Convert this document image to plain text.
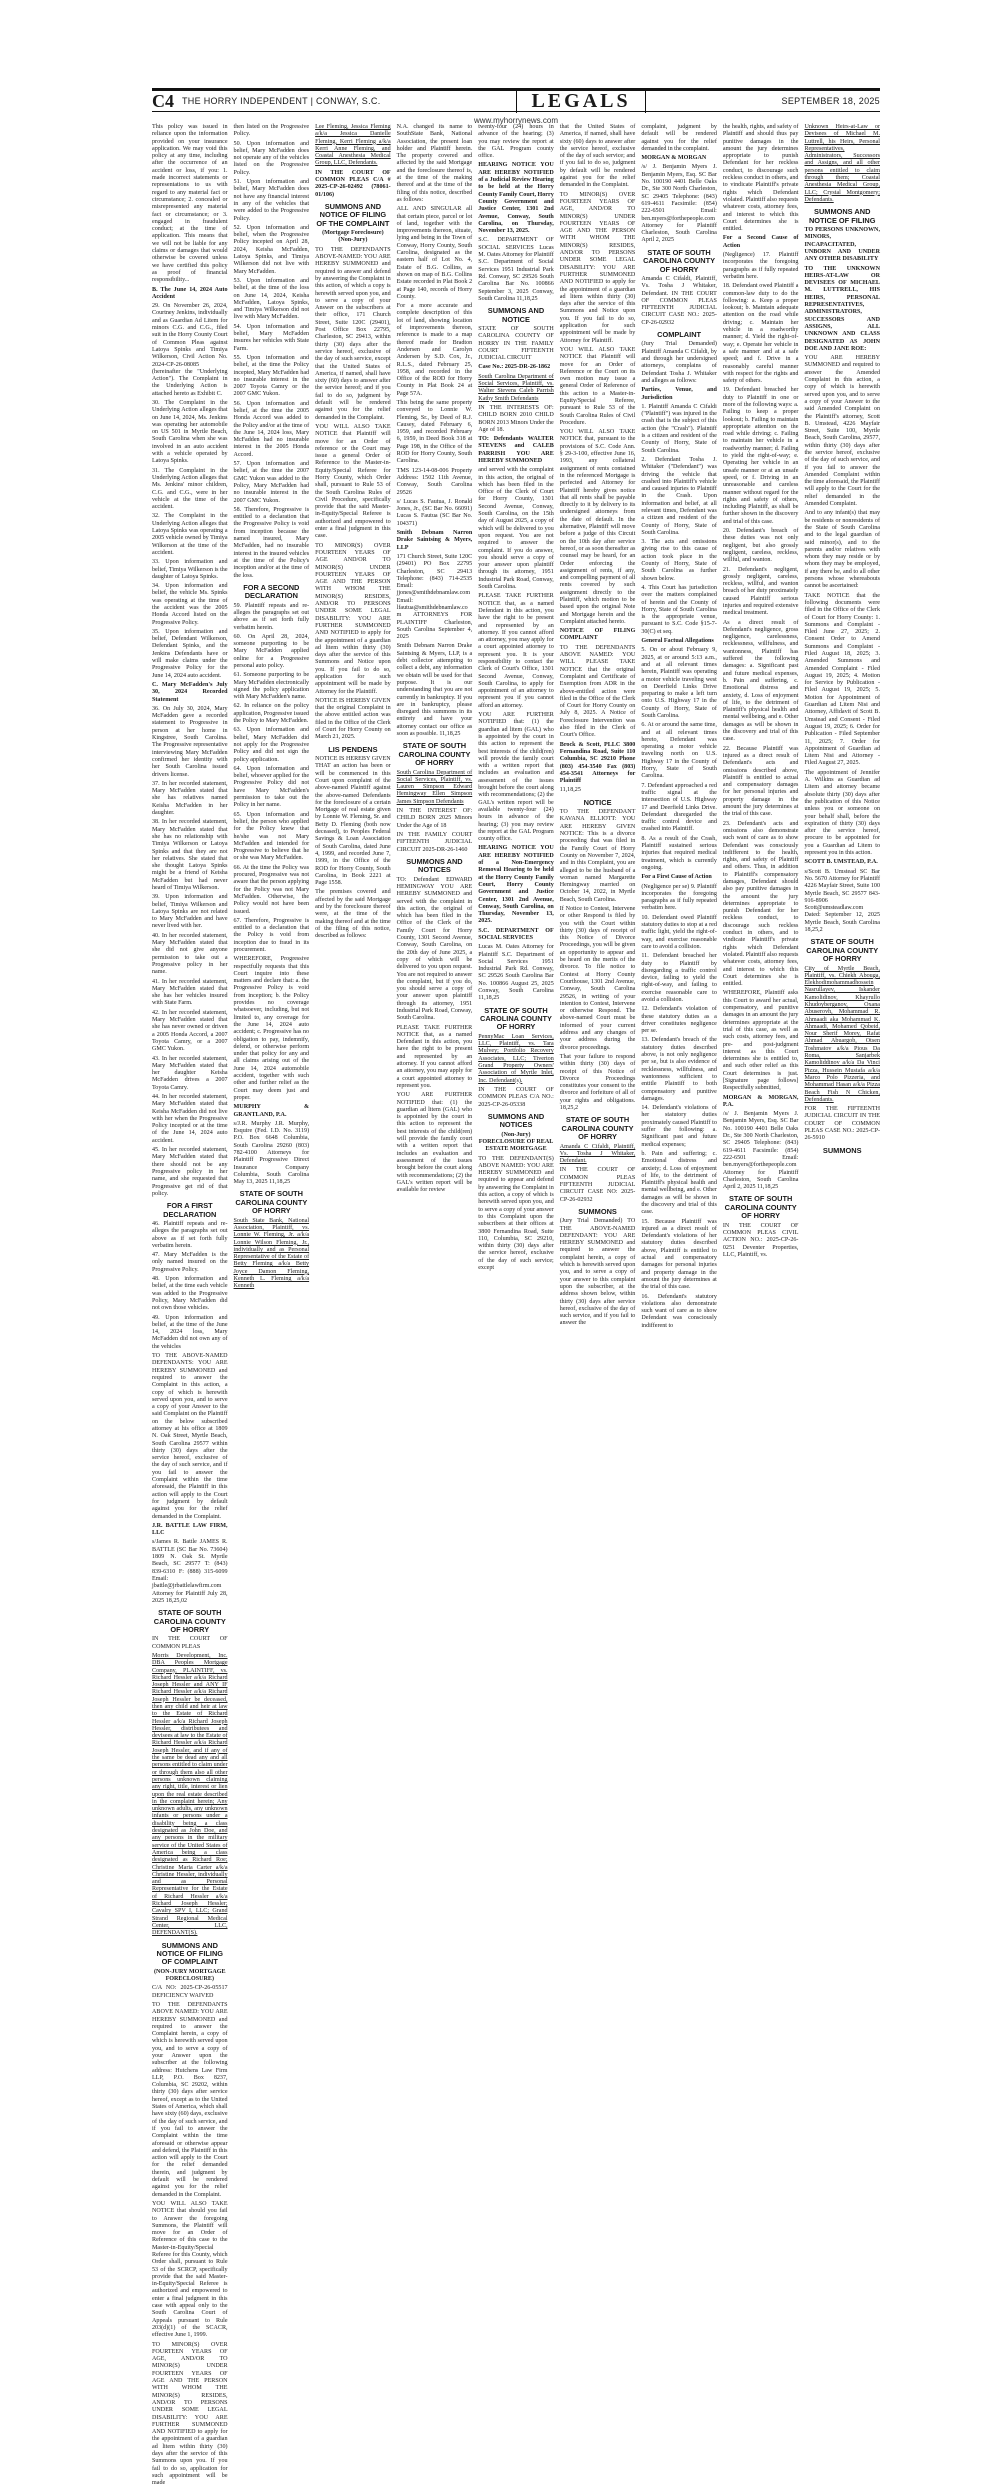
C4 THE HORRY INDEPENDENT | CONWAY, S.C.	LEGALS	SEPTEMBER 18, 2025
www.myhorrynews.com

This policy was issued in reliance upon the information provided on your insurance application. We may void this policy at any time, including after the occurrence of an accident or loss, if you: 1. made incorrect statements or representations to us with regard to any material fact or circumstance; 2. concealed or misrepresented any material fact or circumstance; or 3. engaged in fraudulent conduct; at the time of application. This means that we will not be liable for any claims or damages that would otherwise be covered unless we have certified this policy as proof of financial responsibility...

B. The June 14, 2024 Auto Accident

29. On November 26, 2024, Courtney Jenkins, individually and as Guardian Ad Litem for minors C.G. and C.G., filed suit in the Horry County Court of Common Pleas against Latoya Spinks and Timiya Wilkerson, Civil Action No. 2024-CP-26-08085 (hereinafter the "Underlying Action"). The Complaint in the Underlying Action is attached hereto as Exhibit C.

30. The Complaint in the Underlying Action alleges that on June 14, 2024, Ms. Jenkins was operating her automobile on US 501 in Myrtle Beach, South Carolina when she was involved in an auto accident with a vehicle operated by Latoya Spinks.

31. The Complaint in the Underlying Action alleges that Ms. Jenkins' minor children, C.G. and C.G., were in her vehicle at the time of the accident.

32. The Complaint in the Underlying Action alleges that Latoya Spinks was operating a 2005 vehicle owned by Timiya Wilkerson at the time of the accident.

33. Upon information and belief, Timiya Wilkerson is the daughter of Latoya Spinks.

34. Upon information and belief, the vehicle Ms. Spinks was operating at the time of the accident was the 2005 Honda Accord listed on the Progressive Policy.

35. Upon information and belief, Defendant Wilkerson, Defendant Spinks, and the Jenkins Defendants have or will make claims under the Progressive Policy for the June 14, 2024 auto accident.

C. Mary McFadden's July 30, 2024 Recorded Statement

36. On July 30, 2024, Mary McFadden gave a recorded statement to Progressive in person at her home in Kingstree, South Carolina. The Progressive representative interviewing Mary McFadden confirmed her identity with her South Carolina issued drivers license.

37. In her recorded statement, Mary McFadden stated that she has relatives named Keisha McFadden in her daughter.

38. In her recorded statement, Mary McFadden stated that she has no relationship with Timiya Wilkerson or Latoya Spinks and that they are not her relatives. She stated that she thought Latoya Spinks might be a friend of Keisha McFadden but had never heard of Timiya Wilkerson.

39. Upon information and belief, Timiya Wilkerson and Latoya Spinks are not related to Mary McFadden and have never lived with her.

40. In her recorded statement, Mary McFadden stated that she did not give anyone permission to take out a Progressive policy in her name.

41. In her recorded statement, Mary McFadden stated that she has her vehicles insured with State Farm.

42. In her recorded statement, Mary McFadden stated that she has never owned or driven a 2005 Honda Accord, a 2007 Toyota Camry, or a 2007 GMC Yukon.

43. In her recorded statement, Mary McFadden stated that her daughter Keisha McFadden drives a 2007 Toyota Camry.

44. In her recorded statement, Mary McFadden stated that Keisha McFadden did not live with her when the Progressive Policy incepted or at the time of the June 14, 2024 auto accident.

45. In her recorded statement, Mary McFadden stated that there should not be any Progressive policy in her name, and she requested that Progressive get rid of that policy.

FOR A FIRST DECLARATION

46. Plaintiff repeats and re-alleges the paragraphs set out above as if set forth fully verbatim herein.

47. Mary McFadden is the only named insured on the Progressive Policy.

48. Upon information and belief, at the time each vehicle was added to the Progressive Policy, Mary McFadden did not own those vehicles.

49. Upon information and belief, at the time of the June 14, 2024 loss, Mary McFadden did not own any of the vehicles

then listed on the Progressive Policy.

50. Upon information and belief, Mary McFadden does not operate any of the vehicles listed on the Progressive Policy.

51. Upon information and belief, Mary McFadden does not have any financial interest in any of the vehicles that were added to the Progressive Policy.

52. Upon information and belief, when the Progressive Policy incepted on April 28, 2024, Keisha McFadden, Latoya Spinks, and Timiya Wilkerson did not live with Mary McFadden.

53. Upon information and belief, at the time of the loss on June 14, 2024, Keisha McFadden, Latoya Spinks, and Timiya Wilkerson did not live with Mary McFadden.

54. Upon information and belief, Mary McFadden insures her vehicles with State Farm.

55. Upon information and belief, at the time the Policy incepted, Mary McFadden had no insurable interest in the 2007 Toyota Camry or the 2007 GMC Yukon.

56. Upon information and belief, at the time the 2005 Honda Accord was added to the Policy and/or at the time of the June 14, 2024 loss, Mary McFadden had no insurable interest in the 2005 Honda Accord.

57. Upon information and belief, at the time the 2007 GMC Yukon was added to the Policy, Mary McFadden had no insurable interest in the 2007 GMC Yukon.

58. Therefore, Progressive is entitled to a declaration that the Progressive Policy is void from inception because the named insured, Mary McFadden, had no insurable interest in the insured vehicles at the time of the Policy's inception and/or at the time of the loss.

FOR A SECOND DECLARATION

59. Plaintiff repeats and re-alleges the paragraphs set out above as if set forth fully verbatim herein.

60. On April 28, 2024, someone purporting to be Mary McFadden applied online for a Progressive personal auto policy.

61. Someone purporting to be Mary McFadden electronically signed the policy application with Mary McFadden's name.

62. In reliance on the policy application, Progressive issued the Policy to Mary McFadden.

63. Upon information and belief, Mary McFadden did not apply for the Progressive Policy and did not sign the policy application.

64. Upon information and belief, whoever applied for the Progressive Policy did not have Mary McFadden's permission to take out the Policy in her name.

65. Upon information and belief, the person who applied for the Policy knew that he/she was not Mary McFadden and intended for Progressive to believe that he or she was Mary McFadden.

66. At the time the Policy was procured, Progressive was not aware that the person applying for the Policy was not Mary McFadden. Otherwise, the Policy would not have been issued.

67. Therefore, Progressive is entitled to a declaration that the Policy is void from inception due to fraud in its procurement.

WHEREFORE, Progressive respectfully requests that this Court inquire into these matters and declare that: a. the Progressive Policy is void from inception; b. the Policy provides no coverage whatsoever, including, but not limited to, any coverage for the June 14, 2024 auto accident; c. Progressive has no obligation to pay, indemnify, defend, or otherwise perform under that policy for any and all claims arising out of the June 14, 2024 automobile accident, together with such other and further relief as the Court may deem just and proper.

MURPHY & GRANTLAND, P.A.

s/J.R. Murphy J.R. Murphy, Esquire (Fed. I.D. No. 3119) P.O. Box 6648 Columbia, South Carolina 29260 (803) 782-4100 Attorneys for Plaintiff Progressive Direct Insurance Company Columbia, South Carolina May 13, 2025 11,18,25

STATE OF SOUTH CAROLINA COUNTY OF HORRY

South State Bank, National Association, Plaintiff, vs. Lonnie W. Fleming, Jr. a/k/a Lonnie Wilson Fleming, Jr., individually and as Personal Representative of the Estate of Betty Fleming a/k/a Betty Joyce Damon Fleming, Kenneth L. Fleming a/k/a Kenneth

Lee Fleming, Jessica Fleming a/k/a Jessica Danielle Fleming, Kerri Fleming a/k/a Kerri Anne Fleming, and Coastal Anesthesia Medical Group, LLC, Defendants.

IN THE COURT OF COMMON PLEAS C/A # 2025-CP-26-02492 (78061-01/106)

SUMMONS AND NOTICE OF FILING OF THE COMPLAINT
(Mortgage Foreclosure) (Non-Jury)

TO THE DEFENDANTS ABOVE-NAMED: YOU ARE HEREBY SUMMONED and required to answer and defend by answering the Complaint in this action, of which a copy is herewith served upon you, and to serve a copy of your Answer on the subscribers at their office, 171 Church Street, Suite 120C (29401), Post Office Box 22795, Charleston, SC 29413, within thirty (30) days after the service hereof, exclusive of the day of such service, except that the United States of America, if named, shall have sixty (60) days to answer after the service hereof; and if you fail to do so, judgment by default will be rendered against you for the relief demanded in the Complaint.

YOU WILL ALSO TAKE NOTICE that Plaintiff will move for an Order of reference or the Court may issue a general Order of Reference to the Master-in-Equity/Special Referee for Horry County, which Order shall, pursuant to Rule 53 of the South Carolina Rules of Civil Procedure, specifically provide that the said Master-in-Equity/Special Referee is authorized and empowered to enter a final judgment in this case.

TO MINOR(S) OVER FOURTEEN YEARS OF AGE AND/OR TO MINOR(S) UNDER FOURTEEN YEARS OF AGE AND THE PERSON WITH WHOM THE MINOR(S) RESIDES, AND/OR TO PERSONS UNDER SOME LEGAL DISABILITY: YOU ARE FURTHER SUMMONED AND NOTIFIED to apply for the appointment of a guardian ad litem within thirty (30) days after the service of this Summons and Notice upon you. If you fail to do so, application for such appointment will be made by Attorney for the Plaintiff.

NOTICE IS HEREBY GIVEN that the original Complaint in the above entitled action was filed in the Office of the Clerk of Court for Horry County on March 21, 2025.

LIS PENDENS

NOTICE IS HEREBY GIVEN THAT an action has been or will be commenced in this Court upon complaint of the above-named Plaintiff against the above-named Defendants for the foreclosure of a certain Mortgage of real estate given by Lonnie W. Fleming, Sr. and Betty D. Fleming (both now deceased), to Peoples Federal Savings & Loan Association of South Carolina, dated June 4, 1999, and recorded June 7, 1999, in the Office of the ROD for Horry County, South Carolina, in Book 2221 at Page 1558.

The premises covered and affected by the said Mortgage and by the foreclosure thereof were, at the time of the making thereof and at the time of the filing of this notice, described as follows:

N.A. changed its name to SouthState Bank, National Association, the present loan holder and Plaintiff herein. The property covered and affected by the said Mortgage and the foreclosure thereof is, at the time of the making thereof and at the time of the filing of this notice, described as follows:

ALL AND SINGULAR all that certain piece, parcel or lot of land, together with the improvements thereon, situate, lying and being in the Town of Conway, Horry County, South Carolina, designated as the eastern half of Lot No. 4, Estate of B.G. Collins, as shown on map of B.G. Collins Estate recorded in Plat Book 2 at Page 140, records of Horry County.

For a more accurate and complete description of this lot of land, showing location of improvements thereon, reference is made to a map thereof made for Bradton Andersen and Carolyn Andersen by S.D. Cox, Jr., R.L.S., dated February 25, 1958, and recorded in the Office of the ROD for Horry County in Plat Book 24 at Page 57A.

This being the same property conveyed to Lonnie W. Fleming, Sr., by Deed of R.J. Causey, dated February 6, 1959, and recorded February 6, 1959, in Deed Book 318 at Page 198, in the Office of the ROD for Horry County, South Carolina.

TMS 123-14-08-006 Property Address: 1502 11th Avenue, Conway, South Carolina 29526

s/ Lucas S. Fautua, J. Ronald Jones, Jr., (SC Bar No. 66091) Lucas S. Fautua (SC Bar No. 104371)

Smith Debnam Narron Drake Saintsing & Myers, LLP

171 Church Street, Suite 120C (29401) PO Box 22795 Charleston, SC 29413 Telephone: (843) 714-2535 Email: jjones@smithdebnamlaw.com Email: lfautua@smithdebnamlaw.com ATTORNEYS FOR PLAINTIFF Charleston, South Carolina September 4, 2025

Smith Debnam Narron Drake Saintsing & Myers, LLP, is a debt collector attempting to collect a debt, any information we obtain will be used for that purpose. It is our understanding that you are not currently in bankruptcy. If you are in bankruptcy, please disregard this summons in its entirety and have your attorney contact our office as soon as possible. 11,18,25

STATE OF SOUTH CAROLINA COUNTY OF HORRY

South Carolina Department of Social Services, Plaintiff, vs. Lauren Simpson Edward Hemingway Ellen Simpson James Simpson Defendants

IN THE INTEREST OF: CHILD BORN 2025 Minors Under the Age of 18

IN THE FAMILY COURT FIFTEENTH JUDICIAL CIRCUIT 2025-DR-26-1460

SUMMONS AND NOTICES

TO: Defendant EDWARD HEMINGWAY YOU ARE HEREBY SUMMONED and served with the complaint in this action, the original of which has been filed in the Office of the Clerk of the Family Court for Horry County, 1301 Second Avenue, Conway, South Carolina, on the 20th day of June 2025, a copy of which will be delivered to you upon request. You are not required to answer the complaint, but if you do, you should serve a copy of your answer upon plaintiff through its attorney, 1951 Industrial Park Road, Conway, South Carolina.

PLEASE TAKE FURTHER NOTICE that, as a named Defendant in this action, you have the right to be present and represented by an attorney. If you cannot afford an attorney, you may apply for a court appointed attorney to represent you.

YOU ARE FURTHER NOTIFIED that: (1) the guardian ad litem (GAL) who is appointed by the court in this action to represent the best interests of the child(ren) will provide the family court with a written report that includes an evaluation and assessment of the issues brought before the court along with recommendations; (2) the GAL's written report will be available for review

twenty-four (24) hours in advance of the hearing; (3) you may review the report at the GAL Program county office.

HEARING NOTICE YOU ARE HEREBY NOTIFIED of a Judicial Review Hearing to be held at the Horry County Family Court, Horry County Government and Justice Center, 1301 2nd Avenue, Conway, South Carolina, on Thursday, November 13, 2025.

S.C. DEPARTMENT OF SOCIAL SERVICES Lucas M. Oates Attorney for Plaintiff S.C. Department of Social Services 1951 Industrial Park Rd. Conway, SC 29526 South Carolina Bar No. 100866 September 3, 2025 Conway, South Carolina 11,18,25

SUMMONS AND NOTICE

STATE OF SOUTH CAROLINA COUNTY OF HORRY IN THE FAMILY COURT FIFTEENTH JUDICIAL CIRCUIT

Case No.: 2025-DR-26-1862

South Carolina Department of Social Services, Plaintiff, vs. Walter Stevens Caleb Parrish Kathy Smith Defendants

IN THE INTERESTS OF: CHILD BORN 2010 CHILD BORN 2013 Minors Under the Age of 18.

TO: Defendants WALTER STEVENS and CALEB PARRISH YOU ARE HEREBY SUMMONED

and served with the complaint in this action, the original of which has been filed in the Office of the Clerk of Court for Horry County, 1301 Second Avenue, Conway, South Carolina, on the 15th day of August 2025, a copy of which will be delivered to you upon request. You are not required to answer the complaint. If you do answer, you should serve a copy of your answer upon plaintiff through its attorney, 1951 Industrial Park Road, Conway, South Carolina.

PLEASE TAKE FURTHER NOTICE that, as a named Defendant in this action, you have the right to be present and represented by an attorney. If you cannot afford an attorney, you may apply for a court appointed attorney to represent you. It is your responsibility to contact the Clerk of Court's Office, 1301 Second Avenue, Conway, South Carolina, to apply for appointment of an attorney to represent you if you cannot afford an attorney.

YOU ARE FURTHER NOTIFIED that: (1) the guardian ad litem (GAL) who is appointed by the court in this action to represent the best interests of the child(ren) will provide the family court with a written report that includes an evaluation and assessment of the issues brought before the court along with recommendations; (2) the GAL's written report will be available twenty-four (24) hours in advance of the hearing; (3) you may review the report at the GAL Program county office.

HEARING NOTICE YOU ARE HEREBY NOTIFIED of a Non-Emergency Removal Hearing to be held at the Horry County Family Court, Horry County Government and Justice Center, 1301 2nd Avenue, Conway, South Carolina, on Thursday, November 13, 2025.

S.C. DEPARTMENT OF SOCIAL SERVICES

Lucas M. Oates Attorney for Plaintiff S.C. Department of Social Services 1951 Industrial Park Rd. Conway, SC 29526 South Carolina Bar No. 100866 August 25, 2025 Conway, South Carolina 11,18,25

STATE OF SOUTH CAROLINA COUNTY OF HORRY

PennyMac Loan Services, LLC, Plaintiff, vs. Tara Mulvey; Portfolio Recovery Associates, LLC; Tiverton Grand Property Owners' Association of Myrtle Inlet, Inc. Defendant(s).

IN THE COURT OF COMMON PLEAS C/A NO.: 2025-CP-26-05338

SUMMONS AND NOTICES
(Non-Jury) FORECLOSURE OF REAL ESTATE MORTGAGE

TO THE DEFENDANT(S) ABOVE NAMED: YOU ARE HEREBY SUMMONED and required to appear and defend by answering the Complaint in this action, a copy of which is herewith served upon you, and to serve a copy of your answer to this Complaint upon the subscribers at their offices at 3800 Fernandina Road, Suite 110, Columbia, SC 29210, within thirty (30) days after the service hereof, exclusive of the day of such service; except

that the United States of America, if named, shall have sixty (60) days to answer after the service hereof, exclusive of the day of such service; and if you fail to do so, judgment by default will be rendered against you for the relief demanded in the Complaint.

TO MINOR(S) OVER FOURTEEN YEARS OF AGE, AND/OR TO MINOR(S) UNDER FOURTEEN YEARS OF AGE AND THE PERSON WITH WHOM THE MINOR(S) RESIDES, AND/OR TO PERSONS UNDER SOME LEGAL DISABILITY: YOU ARE FURTHER SUMMONED AND NOTIFIED to apply for the appointment of a guardian ad litem within thirty (30) days after the service of this Summons and Notice upon you. If you fail to do so, application for such appointment will be made by Attorney for Plaintiff.

YOU WILL ALSO TAKE NOTICE that Plaintiff will move for an Order of Reference or the Court on its own motion may issue a general Order of Reference of this action to a Master-in-Equity/Special Referee, pursuant to Rule 53 of the South Carolina Rules of Civil Procedure.

YOU WILL ALSO TAKE NOTICE that, pursuant to the provisions of S.C. Code Ann. § 29-3-100, effective June 16, 1993, any collateral assignment of rents contained in the referenced Mortgage is perfected and Attorney for Plaintiff hereby gives notice that all rents shall be payable directly to it by delivery to its undersigned attorneys from the date of default. In the alternative, Plaintiff will move before a judge of this Circuit on the 10th day after service hereof, or as soon thereafter as counsel may be heard, for an Order enforcing the assignment of rents, if any, and compelling payment of all rents covered by such assignment directly to the Plaintiff, which motion to be based upon the original Note and Mortgage herein and the Complaint attached hereto.

NOTICE OF FILING COMPLAINT

TO THE DEFENDANTS ABOVE NAMED: YOU WILL PLEASE TAKE NOTICE that the original Complaint and Certificate of Exemption from ADR in the above-entitled action were filed in the Office of the Clerk of Court for Horry County on July 8, 2025. A Notice of Foreclosure Intervention was also filed in the Clerk of Court's Office.

Brock & Scott, PLLC 3800 Fernandina Road, Suite 110 Columbia, SC 29210 Phone (803) 454-3540 Fax (803) 454-3541 Attorneys for Plaintiff

11,18,25

NOTICE

TO THE DEFENDANT KAVANA ELLIOTT: YOU ARE HEREBY GIVEN NOTICE: This is a divorce proceeding that was filed in the Family Court of Horry County on November 7, 2024, and in this Complaint, you are alleged to be the husband of a woman named Margarette Hemingway married on October 14, 2022, in Myrtle Beach, South Carolina.

If Notice to Contest, Intervene or other Respond is filed by you with the Court within thirty (30) days of receipt of this Notice of Divorce Proceedings, you will be given an opportunity to appear and be heard on the merits of the divorce. To file notice to Contest at Horry County Courthouse, 1301 2nd Avenue, Conway, South Carolina 29526, in writing of your intention to Contest, Intervene or otherwise Respond. The above-named Court must be informed of your current address and any changes of your address during the divorce proceedings.

That your failure to respond within thirty (30) days of receipt of this Notice of Divorce Proceedings constitutes your consent to the divorce and forfeiture of all of your rights and obligations. 18,25,2

STATE OF SOUTH CAROLINA COUNTY OF HORRY

Amanda C Cifaldi, Plaintiff, Vs. Tosha J Whitaker, Defendant.

IN THE COURT OF COMMON PLEAS FIFTEENTH JUDICIAL CIRCUIT CASE NO: 2025-CP-26-02932

SUMMONS

(Jury Trial Demanded) TO THE ABOVE-NAMED DEFENDANT: YOU ARE HEREBY SUMMONED and required to answer the complaint herein, a copy of which is herewith served upon you, and to serve a copy of your answer to this complaint upon the subscriber, at the address shown below, within thirty (30) days after service hereof, exclusive of the day of such service, and if you fail to answer the

complaint, judgment by default will be rendered against you for the relief demanded in the complaint.

MORGAN & MORGAN

/s/ J. Benjamin Myers J. Benjamin Myers, Esq. SC Bar No. 100190 4401 Belle Oaks Dr., Ste 300 North Charleston, SC 29405 Telephone: (843) 619-4611 Facsimile: (854) 222-6501 Email: ben.myers@forthepeople.com Attorney for Plaintiff Charleston, South Carolina April 2, 2025

STATE OF SOUTH CAROLINA COUNTY OF HORRY

Amanda C Cifaldi, Plaintiff, Vs. Tosha J Whitaker, Defendant. IN THE COURT OF COMMON PLEAS FIFTEENTH JUDICIAL CIRCUIT CASE NO.: 2025-CP-26-02932

COMPLAINT

(Jury Trial Demanded) Plaintiff Amanda C Cifaldi, by and through her undersigned attorneys, complains of Defendant Tosha J. Whitaker and alleges as follows:

Parties, Venue, and Jurisdiction

1. Plaintiff Amanda C Cifaldi ("Plaintiff") was injured in the crash that is the subject of this action (the "Crash"). Plaintiff is a citizen and resident of the County of Horry, State of South Carolina.

2. Defendant Tosha J. Whitaker ("Defendant") was driving the vehicle that crashed into Plaintiff's vehicle and caused injuries to Plaintiff in the Crash. Upon information and belief, at all relevant times, Defendant was a citizen and resident of the County of Horry, State of South Carolina.

3. The acts and omissions giving rise to this cause of action took place in the County of Horry, State of South Carolina as further shown below.

4. This Court has jurisdiction over the matters complained of herein and the County of Horry, State of South Carolina is the appropriate venue, pursuant to S.C. Code §15-7-30(C) et seq.

General Factual Allegations

5. On or about February 9, 2025, at or around 5:13 a.m., and at all relevant times herein, Plaintiff was operating a motor vehicle traveling west on Deerfield Links Drive preparing to make a left turn onto U.S. Highway 17 in the County of Horry, State of South Carolina.

6. At or around the same time, and at all relevant times hereto, Defendant was operating a motor vehicle traveling north on U.S. Highway 17 in the County of Horry, State of South Carolina.

7. Defendant approached a red traffic signal at the intersection of U.S. Highway 17 and Deerfield Links Drive. Defendant disregarded the traffic control device and crashed into Plaintiff.

8. As a result of the Crash, Plaintiff sustained serious injuries that required medical treatment, which is currently ongoing.

For a First Cause of Action

(Negligence per se) 9. Plaintiff incorporates the foregoing paragraphs as if fully repeated verbatim here.

10. Defendant owed Plaintiff statutory duties to stop at a red traffic light, yield the right-of-way, and exercise reasonable care to avoid a collision.

11. Defendant breached her duty to Plaintiff by disregarding a traffic control device, failing to yield the right-of-way, and failing to exercise reasonable care to avoid a collision.

12. Defendant's violation of these statutory duties as a driver constitutes negligence per se.

13. Defendant's breach of the statutory duties described above, is not only negligence per se, but is also evidence of recklessness, willfulness, and wantonness sufficient to entitle Plaintiff to both compensatory and punitive damages.

14. Defendant's violations of her statutory duties proximately caused Plaintiff to suffer the following: a. Significant past and future medical expenses;

b. Pain and suffering; c. Emotional distress and anxiety; d. Loss of enjoyment of life, to the detriment of Plaintiff's physical health and mental wellbeing, and e. Other damages as will be shown in the discovery and trial of this case.

15. Because Plaintiff was injured as a direct result of Defendant's violations of her statutory duties described above, Plaintiff is entitled to actual and compensatory damages for personal injuries and property damage in the amount the jury determines at the trial of this case.

16. Defendant's statutory violations also demonstrate such want of care as to show Defendant was consciously indifferent to

the health, rights, and safety of Plaintiff and should thus pay punitive damages in the amount the jury determines appropriate to punish Defendant for her reckless conduct, to discourage such reckless conduct in others, and to vindicate Plaintiff's private rights which Defendant violated. Plaintiff also requests whatever costs, attorney fees, and interest to which this Court determines she is entitled.

For a Second Cause of Action

(Negligence) 17. Plaintiff incorporates the foregoing paragraphs as if fully repeated verbatim here.

18. Defendant owed Plaintiff a common-law duty to do the following: a. Keep a proper lookout; b. Maintain adequate attention on the road while driving; c. Maintain her vehicle in a roadworthy manner; d. Yield the right-of-way; e. Operate her vehicle in a safe manner and at a safe speed; and f. Drive in a reasonably careful manner with respect for the rights and safety of others.

19. Defendant breached her duty to Plaintiff in one or more of the following ways: a. Failing to keep a proper lookout; b. Failing to maintain appropriate attention on the road while driving; c. Failing to maintain her vehicle in a roadworthy manner; d. Failing to yield the right-of-way; e. Operating her vehicle in an unsafe manner or at an unsafe speed, or f. Driving in an unreasonable and careless manner without regard for the rights and safety of others, including Plaintiff, as shall be further shown in the discovery and trial of this case.

20. Defendant's breach of these duties was not only negligent, but also grossly negligent, careless, reckless, willful, and wanton.

21. Defendant's negligent, grossly negligent, careless, reckless, willful, and wanton breach of her duty proximately caused Plaintiff serious injuries and required extensive medical treatment.

As a direct result of Defendant's negligence, gross negligence, carelessness, recklessness, willfulness, and wantonness, Plaintiff has suffered the following damages: a. Significant past and future medical expenses, b. Pain and suffering, c. Emotional distress and anxiety, d. Loss of enjoyment of life, to the detriment of Plaintiff's physical health and mental wellbeing, and e. Other damages as will be shown in the discovery and trial of this case.

22. Because Plaintiff was injured as a direct result of Defendant's acts and omissions described above, Plaintiff is entitled to actual and compensatory damages for her personal injuries and property damage in the amount the jury determines at the trial of this case.

23. Defendant's acts and omissions also demonstrate such want of care as to show Defendant was consciously indifferent to the health, rights, and safety of Plaintiff and others. Thus, in addition to Plaintiff's compensatory damages, Defendant should also pay punitive damages in the amount the jury determines appropriate to punish Defendant for her reckless conduct, to discourage such reckless conduct in others, and to vindicate Plaintiff's private rights which Defendant violated. Plaintiff also requests whatever costs, attorney fees, and interest to which this Court determines she is entitled.

WHEREFORE, Plaintiff asks this Court to award her actual, compensatory, and punitive damages in an amount the jury determines appropriate at the trial of this case, as well as such costs, attorney fees, and pre- and post-judgment interest as this Court determines she is entitled to, and such other relief as this Court determines is just. [Signature page follows] Respectfully submitted,

MORGAN & MORGAN, P.A.

/s/ J. Benjamin Myers J. Benjamin Myers, Esq. SC Bar No. 100190 4401 Belle Oaks Dr., Ste 300 North Charleston, SC 29405 Telephone: (843) 619-4611 Facsimile: (854) 222-6501 Email: ben.myers@forthepeople.com Attorney for Plaintiff Charleston, South Carolina April 2, 2025 11,18,25

STATE OF SOUTH CAROLINA COUNTY OF HORRY

IN THE COURT OF COMMON PLEAS CIVIL ACTION NO.: 2025-CP-26-0251 Deventer Properties, LLC, Plaintiff, vs.

Unknown Heirs-at-Law or Devisees of Michael M. Luttrell, his Heirs, Personal Representatives, Administrators, Successors and Assigns, and all other persons entitled to claim through them; Coastal Anesthesia Medical Group, LLC; Crystal Montgomery; Defendants.

SUMMONS AND NOTICE OF FILING

TO PERSONS UNKNOWN, MINORS, INCAPACITATED, UNBORN AND UNDER ANY OTHER DISABILITY

TO THE UNKNOWN HEIRS-AT-LAW OR DEVISEES OF MICHAEL M. LUTTRELL, HIS HEIRS, PERSONAL REPRESENTATIVES, ADMINISTRATORS, SUCCESSORS AND ASSIGNS, ALL UNKNOWN AND CLASS DESIGNATED AS JOHN DOE AND JANE ROE:

YOU ARE HEREBY SUMMONED and required to answer the Amended Complaint in this action, a copy of which is herewith served upon you, and to serve a copy of your Answer to the said Amended Complaint on the Plaintiff's attorney, Scott B. Umstead, 4226 Mayfair Street, Suite 100, Myrtle Beach, South Carolina, 29577, within thirty (30) days after the service hereof, exclusive of the day of such service, and if you fail to answer the Amended Complaint within the time aforesaid, the Plaintiff will apply to the Court for the relief demanded in the Amended Complaint.

And to any infant(s) that may be residents or nonresidents of the State of South Carolina and to the legal guardian of said minor(s), and to the parents and/or relatives with whom they may reside or by whom they may be employed, if any there be, and to all other persons whose whereabouts cannot be ascertained:

TAKE NOTICE that the following documents were filed in the Office of the Clerk of Court for Horry County: 1. Summons and Complaint - Filed June 27, 2025; 2. Consent Order to Amend Summons and Complaint - Filed August 18, 2025; 3. Amended Summons and Amended Complaint - Filed August 19, 2025; 4. Motion for Service by Publication - Filed August 19, 2025; 5. Motion for Appointment of Guardian ad Litem Nisi and Attorney, Affidavit of Scott B. Umstead and Consent - Filed August 19, 2025; 6. Order for Publication - Filed September 11, 2025; 7. Order for Appointment of Guardian ad Litem Nisi and Attorney - Filed August 27, 2025.

The appointment of Jennifer A. Wilkins as Guardian ad Litem and attorney became absolute thirty (30) days after the publication of this Notice unless you or someone on your behalf shall, before the expiration of thirty (30) days after the service hereof, procure to be appointed for you a Guardian ad Litem to represent you in this action.

SCOTT B. UMSTEAD, P.A.

s/Scott B. Umstead SC Bar No. 5670 Attorney for Plaintiff 4226 Mayfair Street, Suite 100 Myrtle Beach, SC 29577 843-916-8906 Scott@umsteadlaw.com Dated: September 12, 2025 Myrtle Beach, South Carolina 18,25,2

STATE OF SOUTH CAROLINA COUNTY OF HORRY

City of Myrtle Beach, Plaintiff, vs. Chiekh Abouga, Elekhodimohammadhossein Nasrullayev, Iskander Kamolidinov, Khayrullo Khudoyberganov, Oxana Abuserovh, Mohammad R. Ahmaadi aka Mohammad K. Ahmaadi, Mohamed Qobeid, Nour Sherif Morey, Rafat Ahmad Abuargob, Otsen Toshmatov a/k/a Pious Da Roma, Sanjarbek Kamoliddinov a/k/a Da Vinci Pizza, Hussein Mustafa a/k/a Marco Polo Pizzeria, and Mohammad Hasan a/k/a Pizza Beach Fish N Chicken, Defendants.

FOR THE FIFTEENTH JUDICIAL CIRCUIT IN THE COURT OF COMMON PLEAS CASE NO.: 2025-CP-26-5910

SUMMONS

TO THE ABOVE-NAMED DEFENDANTS: YOU ARE HEREBY SUMMONED and required to answer the Complaint in this action, a copy of which is herewith served upon you, and to serve a copy of your Answer to the said Complaint on the Plaintiff on the below subscribed attorney at his office at 1809 N. Oak Street, Myrtle Beach, South Carolina 29577 within thirty (30) days after the service hereof, exclusive of the day of such service, and if you fail to answer the Complaint within the time aforesaid, the Plaintiff in this action will apply to the Court for judgment by default against you for the relief demanded in the Complaint.

J.R. BATTLE LAW FIRM, LLC

s/James R. Battle JAMES R. BATTLE (SC Bar No. 73604) 1809 N. Oak St. Myrtle Beach, SC 29577 T: (843) 839-6310 F: (888) 315-6099 Email: jbattle@jrbattlelawfirm.com Attorney for Plaintiff July 28, 2025 18,25,02

STATE OF SOUTH CAROLINA COUNTY OF HORRY

IN THE COURT OF COMMON PLEAS

Morris Development, Inc. DBA Peoples Mortgage Company, PLAINTIFF, vs. Richard Hessler a/k/a Richard Joseph Hessler and ANY IF Richard Hessler a/k/a Richard Joseph Hessler be deceased, then any child and heir at law to the Estate of Richard Hessler a/k/a Richard Joseph Hessler, distributees and devisees at law to the Estate of Richard Hessler a/k/a Richard Joseph Hessler, and if any of the same be dead any and all persons entitled to claim under or through them also all other persons unknown claiming any right, title, interest or lien upon the real estate described in the complaint herein; Any unknown adults, any unknown infants or persons under a disability being a class designated as John Doe, and any persons in the military service of the United States of America being a class designated as Richard Roe; Christine Maria Carter a/k/a Christine Hessler, individually and as Personal Representative for the Estate of Richard Hessler a/k/a Richard Joseph Hessler; Cavalry SPV I, LLC; Grand Strand Regional Medical Center, LLC, DEFENDANT(S).

SUMMONS AND NOTICE OF FILING OF COMPLAINT
(NON-JURY MORTGAGE FORECLOSURE)

C/A NO: 2025-CP-26-05517 DEFICIENCY WAIVED

TO THE DEFENDANTS ABOVE NAMED: YOU ARE HEREBY SUMMONED and required to answer the Complaint herein, a copy of which is herewith served upon you, and to serve a copy of your Answer upon the subscriber at the following address: Hutchens Law Firm LLP, P.O. Box 8237, Columbia, SC 29202, within thirty (30) days after service hereof, except as to the United States of America, which shall have sixty (60) days, exclusive of the day of such service, and if you fail to answer the Complaint within the time aforesaid or otherwise appear and defend, the Plaintiff in this action will apply to the Court for the relief demanded therein, and judgment by default will be rendered against you for the relief demanded in the Complaint.

YOU WILL ALSO TAKE NOTICE that should you fail to Answer the foregoing Summons, the Plaintiff will move for an Order of Reference of this case to the Master-in-Equity/Special Referee for this County, which Order shall, pursuant to Rule 53 of the SCRCP, specifically provide that the said Master-in-Equity/Special Referee is authorized and empowered to enter a final judgment in this case with appeal only to the South Carolina Court of Appeals pursuant to Rule 203(d)(1) of the SCACR, effective June 1, 1999.

TO MINOR(S) OVER FOURTEEN YEARS OF AGE, AND/OR TO MINOR(S) UNDER FOURTEEN YEARS OF AGE AND THE PERSON WITH WHOM THE MINOR(S) RESIDES, AND/OR TO PERSONS UNDER SOME LEGAL DISABILITY: YOU ARE FURTHER SUMMONED AND NOTIFIED to apply for the appointment of a guardian ad litem within thirty (30) days after the service of this Summons upon you. If you fail to do so, application for such appointment will be made
